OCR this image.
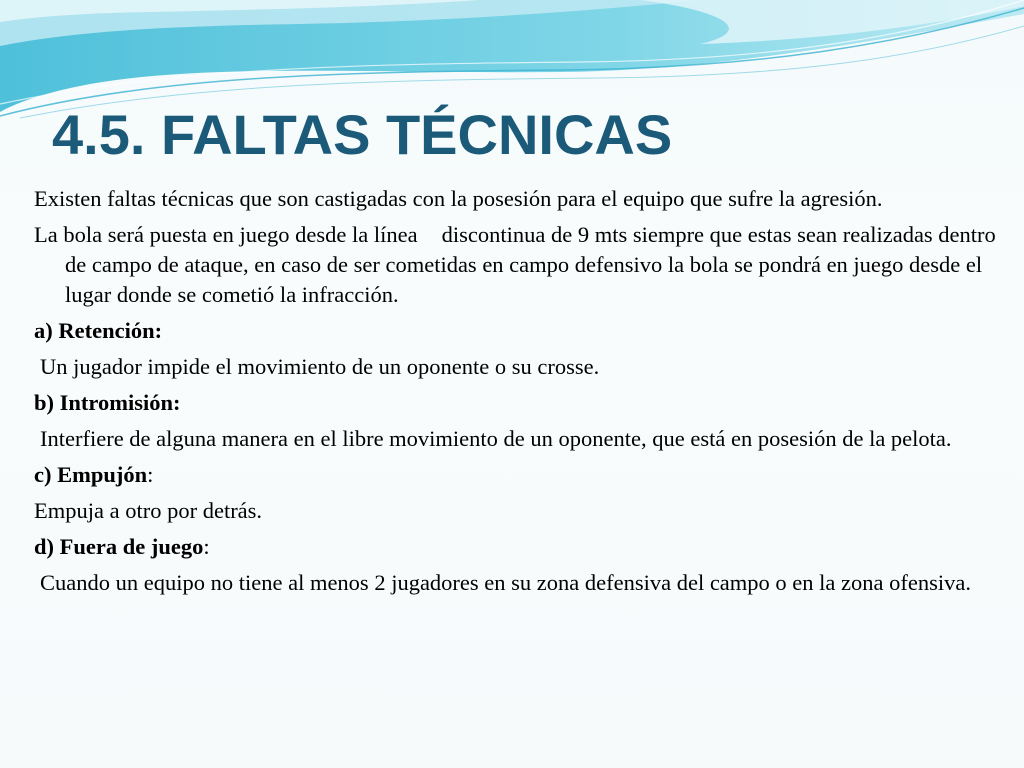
4.5. FALTAS TÉCNICAS

Existen faltas técnicas que son castigadas con la posesión para el equipo que sufre la agresión.

La bola será puesta en juego desde la línea discontinua de 9 mts siempre que estas sean realizadas dentro de campo de ataque, en caso de ser cometidas en campo defensivo la bola se pondrá en juego desde el lugar donde se cometió la infracción.

a) Retención:

Un jugador impide el movimiento de un oponente o su crosse.

b) Intromisión:

Interfiere de alguna manera en el libre movimiento de un oponente, que está en posesión de la pelota.

c) Empujón:

Empuja a otro por detrás.

d) Fuera de juego:

Cuando un equipo no tiene al menos 2 jugadores en su zona defensiva del campo o en la zona ofensiva.
